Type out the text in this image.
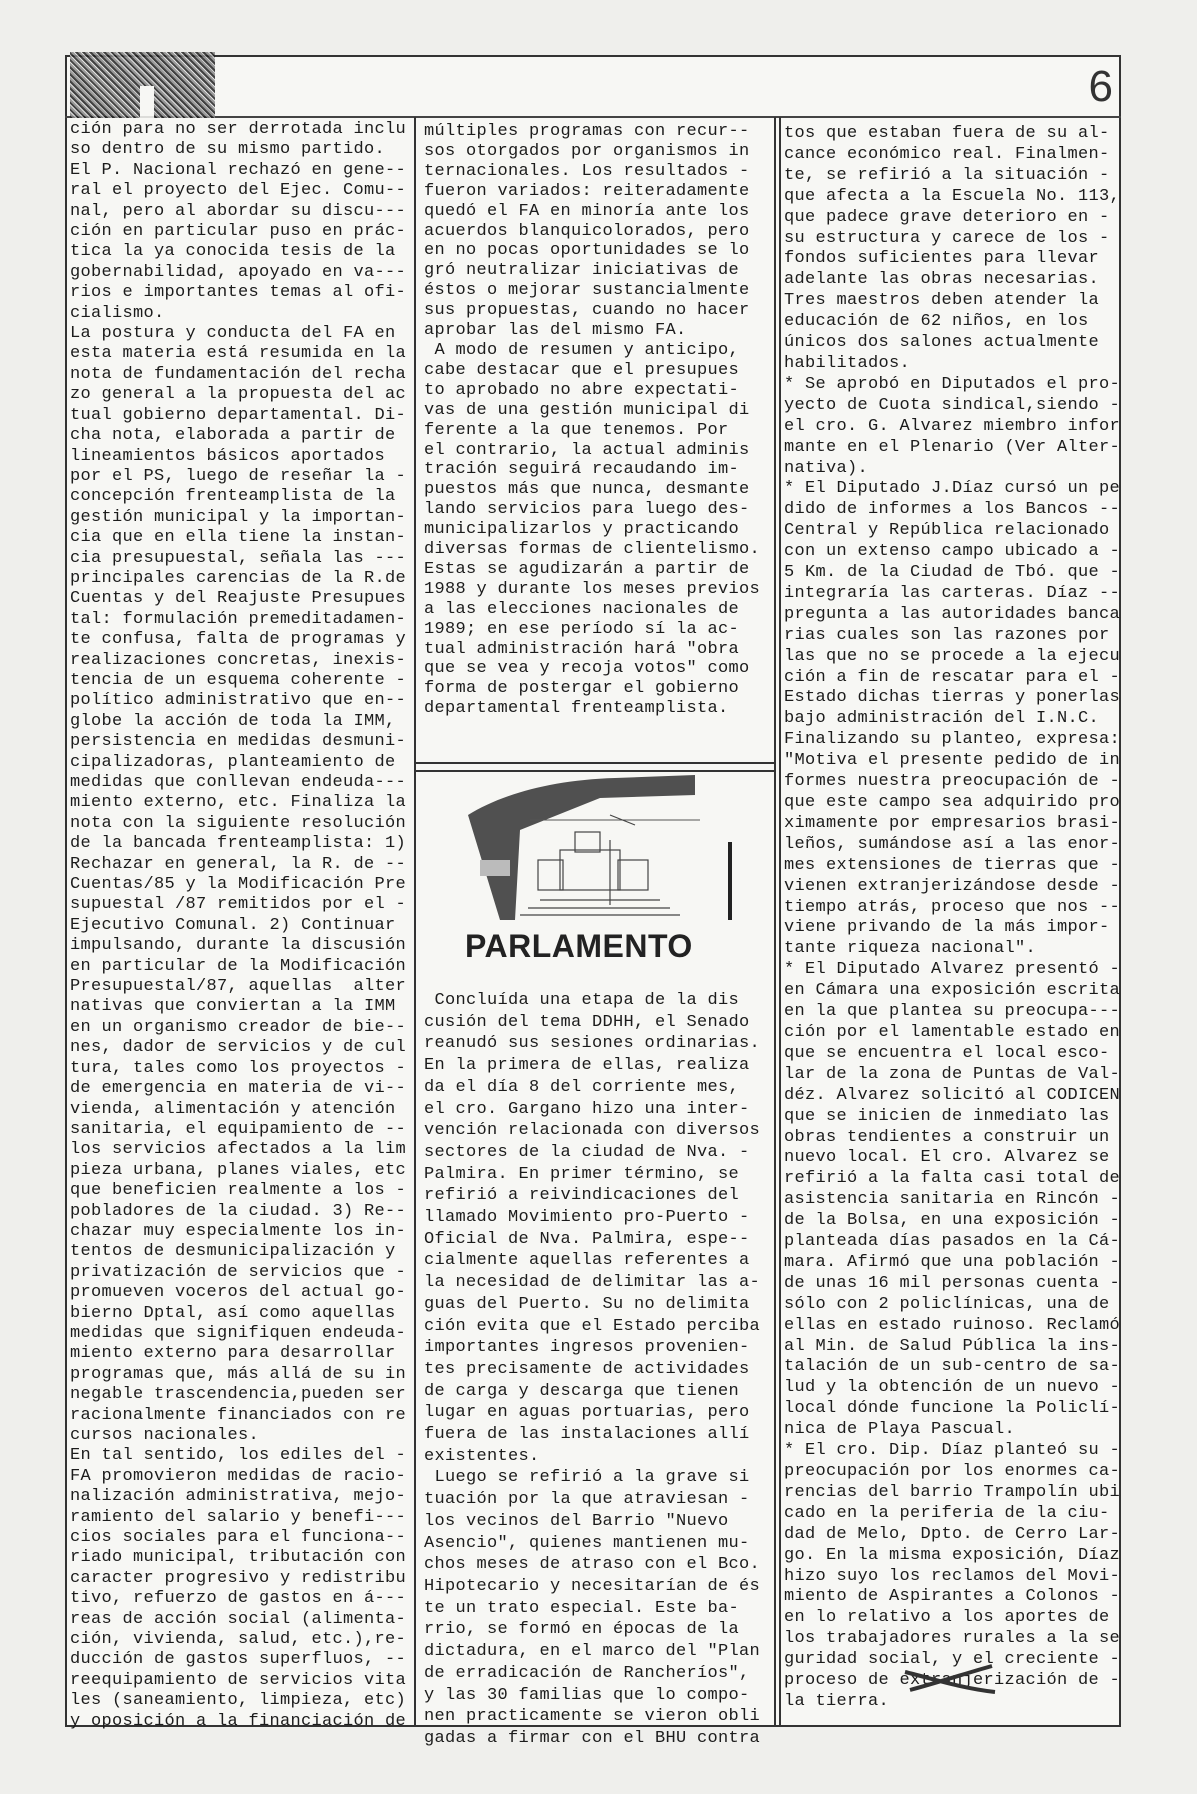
6
ción para no ser derrotada inclu
so dentro de su mismo partido.
El P. Nacional rechazó en gene--
ral el proyecto del Ejec. Comu--
nal, pero al abordar su discu---
ción en particular puso en prác-
tica la ya conocida tesis de la
gobernabilidad, apoyado en va---
rios e importantes temas al ofi-
cialismo.
La postura y conducta del FA en
esta materia está resumida en la
nota de fundamentación del recha
zo general a la propuesta del ac
tual gobierno departamental. Di-
cha nota, elaborada a partir de
lineamientos básicos aportados
por el PS, luego de reseñar la -
concepción frenteamplista de la
gestión municipal y la importan-
cia que en ella tiene la instan-
cia presupuestal, señala las ---
principales carencias de la R.de
Cuentas y del Reajuste Presupues
tal: formulación premeditadamen-
te confusa, falta de programas y
realizaciones concretas, inexis-
tencia de un esquema coherente -
político administrativo que en--
globe la acción de toda la IMM,
persistencia en medidas desmuni-
cipalizadoras, planteamiento de
medidas que conllevan endeuda---
miento externo, etc. Finaliza la
nota con la siguiente resolución
de la bancada frenteamplista: 1)
Rechazar en general, la R. de --
Cuentas/85 y la Modificación Pre
supuestal /87 remitidos por el -
Ejecutivo Comunal. 2) Continuar
impulsando, durante la discusión
en particular de la Modificación
Presupuestal/87, aquellas  alter
nativas que conviertan a la IMM
en un organismo creador de bie--
nes, dador de servicios y de cul
tura, tales como los proyectos -
de emergencia en materia de vi--
vienda, alimentación y atención
sanitaria, el equipamiento de --
los servicios afectados a la lim
pieza urbana, planes viales, etc
que beneficien realmente a los -
pobladores de la ciudad. 3) Re--
chazar muy especialmente los in-
tentos de desmunicipalización y
privatización de servicios que -
promueven voceros del actual go-
bierno Dptal, así como aquellas
medidas que signifiquen endeuda-
miento externo para desarrollar
programas que, más allá de su in
negable trascendencia,pueden ser
racionalmente financiados con re
cursos nacionales.
En tal sentido, los ediles del -
FA promovieron medidas de racio-
nalización administrativa, mejo-
ramiento del salario y benefi---
cios sociales para el funciona--
riado municipal, tributación con
caracter progresivo y redistribu
tivo, refuerzo de gastos en á---
reas de acción social (alimenta-
ción, vivienda, salud, etc.),re-
ducción de gastos superfluos, --
reequipamiento de servicios vita
les (saneamiento, limpieza, etc)
y oposición a la financiación de
múltiples programas con recur--
sos otorgados por organismos in
ternacionales. Los resultados -
fueron variados: reiteradamente
quedó el FA en minoría ante los
acuerdos blanquicolorados, pero
en no pocas oportunidades se lo
gró neutralizar iniciativas de
éstos o mejorar sustancialmente
sus propuestas, cuando no hacer
aprobar las del mismo FA.
A modo de resumen y anticipo,
cabe destacar que el presupues
to aprobado no abre expectati-
vas de una gestión municipal di
ferente a la que tenemos. Por
el contrario, la actual adminis
tración seguirá recaudando im-
puestos más que nunca, desmante
lando servicios para luego des-
municipalizarlos y practicando
diversas formas de clientelismo.
Estas se agudizarán a partir de
1988 y durante los meses previos
a las elecciones nacionales de
1989; en ese período sí la ac-
tual administración hará "obra
que se vea y recoja votos" como
forma de postergar el gobierno
departamental frenteamplista.
PARLAMENTO
Concluída una etapa de la dis
cusión del tema DDHH, el Senado
reanudó sus sesiones ordinarias.
En la primera de ellas, realiza
da el día 8 del corriente mes,
el cro. Gargano hizo una inter-
vención relacionada con diversos
sectores de la ciudad de Nva. -
Palmira. En primer término, se
refirió a reivindicaciones del
llamado Movimiento pro-Puerto -
Oficial de Nva. Palmira, espe--
cialmente aquellas referentes a
la necesidad de delimitar las a-
guas del Puerto. Su no delimita
ción evita que el Estado perciba
importantes ingresos provenien-
tes precisamente de actividades
de carga y descarga que tienen
lugar en aguas portuarias, pero
fuera de las instalaciones allí
existentes.
Luego se refirió a la grave si
tuación por la que atraviesan -
los vecinos del Barrio "Nuevo
Asencio", quienes mantienen mu-
chos meses de atraso con el Bco.
Hipotecario y necesitarían de és
te un trato especial. Este ba-
rrio, se formó en épocas de la
dictadura, en el marco del "Plan
de erradicación de Rancheríos",
y las 30 familias que lo compo-
nen practicamente se vieron obli
gadas a firmar con el BHU contra
tos que estaban fuera de su al-
cance económico real. Finalmen-
te, se refirió a la situación -
que afecta a la Escuela No. 113,
que padece grave deterioro en -
su estructura y carece de los -
fondos suficientes para llevar
adelante las obras necesarias.
Tres maestros deben atender la
educación de 62 niños, en los
únicos dos salones actualmente
habilitados.
* Se aprobó en Diputados el pro-
yecto de Cuota sindical,siendo -
el cro. G. Alvarez miembro infor
mante en el Plenario (Ver Alter-
nativa).
* El Diputado J.Díaz cursó un pe
dido de informes a los Bancos --
Central y República relacionado
con un extenso campo ubicado a -
5 Km. de la Ciudad de Tbó. que -
integraría las carteras. Díaz --
pregunta a las autoridades banca
rias cuales son las razones por
las que no se procede a la ejecu
ción a fin de rescatar para el -
Estado dichas tierras y ponerlas
bajo administración del I.N.C.
Finalizando su planteo, expresa:
"Motiva el presente pedido de in
formes nuestra preocupación de -
que este campo sea adquirido pro
ximamente por empresarios brasi-
leños, sumándose así a las enor-
mes extensiones de tierras que -
vienen extranjerizándose desde -
tiempo atrás, proceso que nos --
viene privando de la más impor-
tante riqueza nacional".
* El Diputado Alvarez presentó -
en Cámara una exposición escrita
en la que plantea su preocupa---
ción por el lamentable estado en
que se encuentra el local esco-
lar de la zona de Puntas de Val-
déz. Alvarez solicitó al CODICEN
que se inicien de inmediato las
obras tendientes a construir un
nuevo local. El cro. Alvarez se
refirió a la falta casi total de
asistencia sanitaria en Rincón -
de la Bolsa, en una exposición -
planteada días pasados en la Cá-
mara. Afirmó que una población -
de unas 16 mil personas cuenta -
sólo con 2 policlínicas, una de
ellas en estado ruinoso. Reclamó
al Min. de Salud Pública la ins-
talación de un sub-centro de sa-
lud y la obtención de un nuevo -
local dónde funcione la Policlí-
nica de Playa Pascual.
* El cro. Dip. Díaz planteó su -
preocupación por los enormes ca-
rencias del barrio Trampolín ubi
cado en la periferia de la ciu-
dad de Melo, Dpto. de Cerro Lar-
go. En la misma exposición, Díaz
hizo suyo los reclamos del Movi-
miento de Aspirantes a Colonos -
en lo relativo a los aportes de
los trabajadores rurales a la se
guridad social, y el creciente -
proceso de extranjerización de -
la tierra.
